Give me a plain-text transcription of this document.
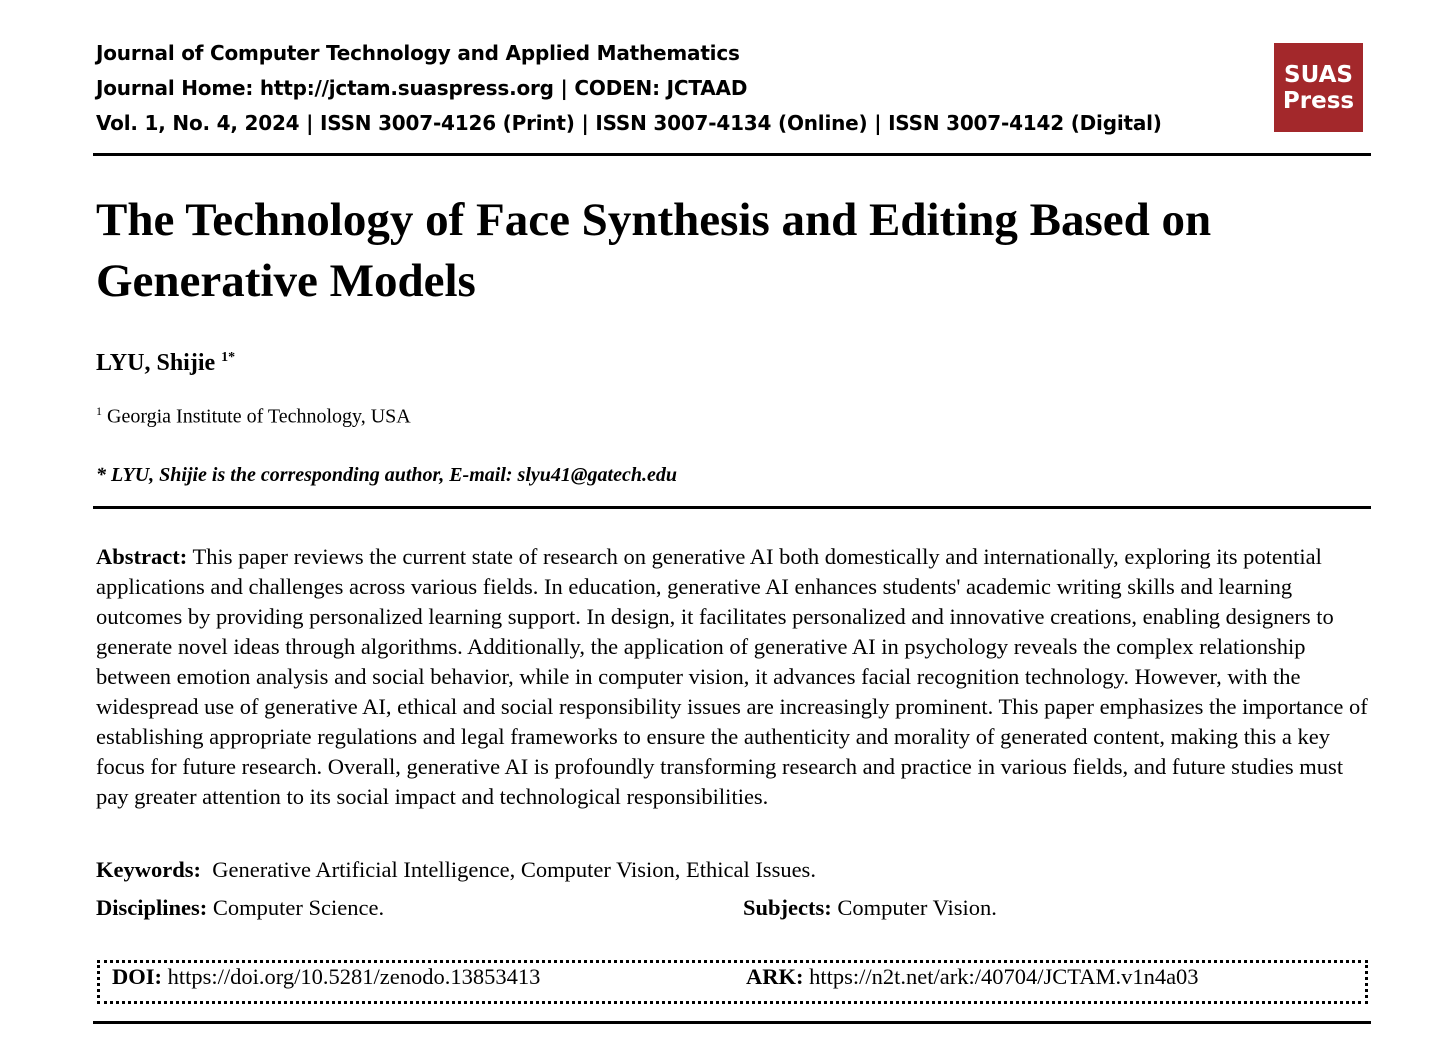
Journal of Computer Technology and Applied Mathematics
Journal Home: http://jctam.suaspress.org | CODEN: JCTAAD
Vol. 1, No. 4, 2024 | ISSN 3007-4126 (Print) | ISSN 3007-4134 (Online) | ISSN 3007-4142 (Digital)
SUAS
Press
The Technology of Face Synthesis and Editing Based on Generative Models
LYU, Shijie $^{1*}$
$^1$ Georgia Institute of Technology, USA
* LYU, Shijie is the corresponding author, E-mail: slyu41@gatech.edu

Abstract: This paper reviews the current state of research on generative AI both domestically and internationally, exploring its potential applications and challenges across various fields. In education, generative AI enhances students' academic writing skills and learning outcomes by providing personalized learning support. In design, it facilitates personalized and innovative creations, enabling designers to generate novel ideas through algorithms. Additionally, the application of generative AI in psychology reveals the complex relationship between emotion analysis and social behavior, while in computer vision, it advances facial recognition technology. However, with the widespread use of generative AI, ethical and social responsibility issues are increasingly prominent. This paper emphasizes the importance of establishing appropriate regulations and legal frameworks to ensure the authenticity and morality of generated content, making this a key focus for future research. Overall, generative AI is profoundly transforming research and practice in various fields, and future studies must pay greater attention to its social impact and technological responsibilities.

Keywords: Generative Artificial Intelligence, Computer Vision, Ethical Issues.
Disciplines: Computer Science.	Subjects: Computer Vision.
DOI: https://doi.org/10.5281/zenodo.13853413	ARK: https://n2t.net/ark:/40704/JCTAM.v1n4a03
